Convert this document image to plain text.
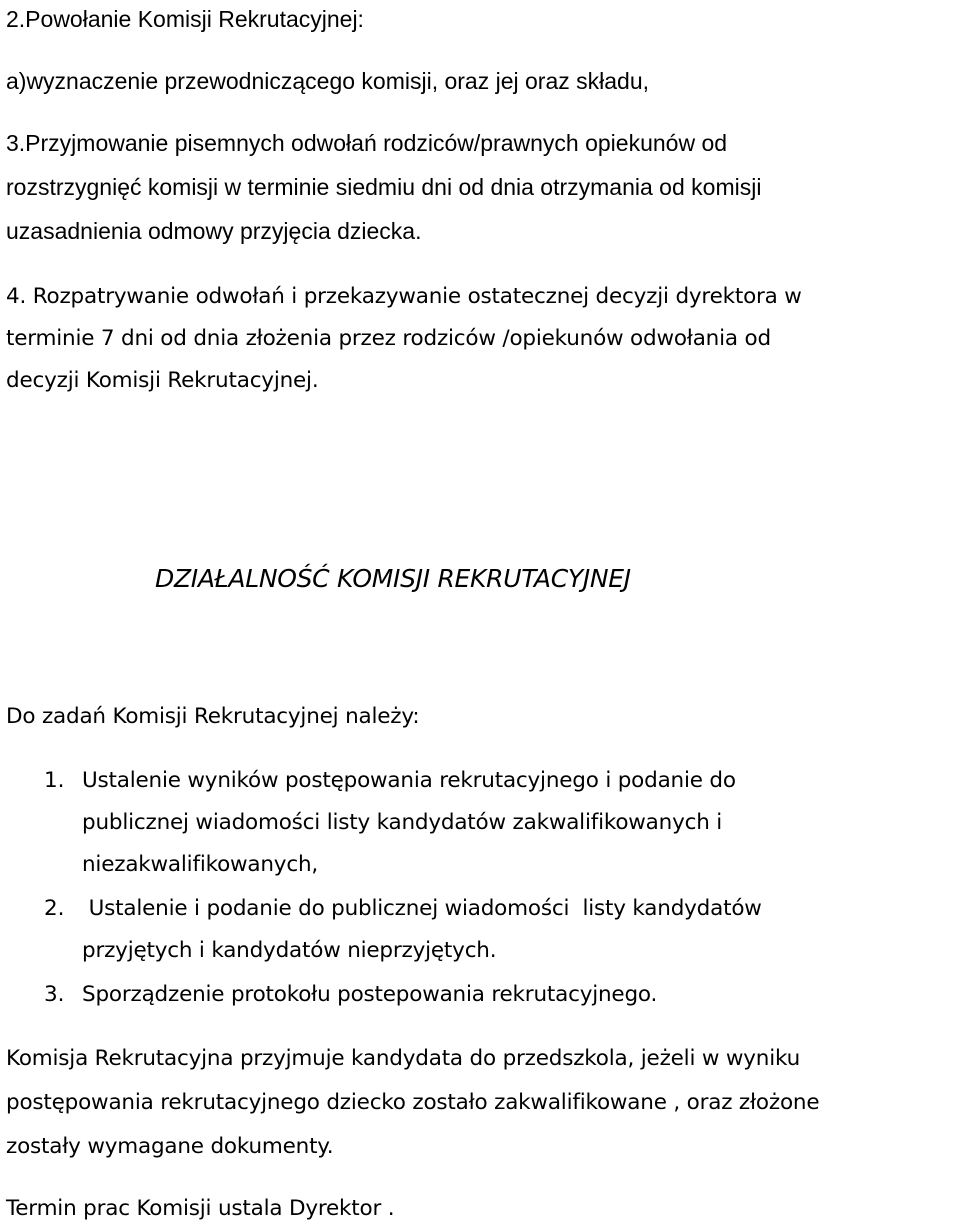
2.Powołanie Komisji Rekrutacyjnej:
a)wyznaczenie przewodniczącego komisji, oraz jej oraz składu,
3.Przyjmowanie pisemnych odwołań rodziców/prawnych opiekunów od
rozstrzygnięć komisji w terminie siedmiu dni od dnia otrzymania od komisji
uzasadnienia odmowy przyjęcia dziecka.
4. Rozpatrywanie odwołań i przekazywanie ostatecznej decyzji dyrektora w
terminie 7 dni od dnia złożenia przez rodziców /opiekunów odwołania od
decyzji Komisji Rekrutacyjnej.
DZIAŁALNOŚĆ KOMISJI REKRUTACYJNEJ
Do zadań Komisji Rekrutacyjnej należy:
1. Ustalenie wyników postępowania rekrutacyjnego i podanie do
publicznej wiadomości listy kandydatów zakwalifikowanych i
niezakwalifikowanych,
2. Ustalenie i podanie do publicznej wiadomości  listy kandydatów
przyjętych i kandydatów nieprzyjętych.
3. Sporządzenie protokołu postepowania rekrutacyjnego.
Komisja Rekrutacyjna przyjmuje kandydata do przedszkola, jeżeli w wyniku
postępowania rekrutacyjnego dziecko zostało zakwalifikowane , oraz złożone
zostały wymagane dokumenty.
Termin prac Komisji ustala Dyrektor .
